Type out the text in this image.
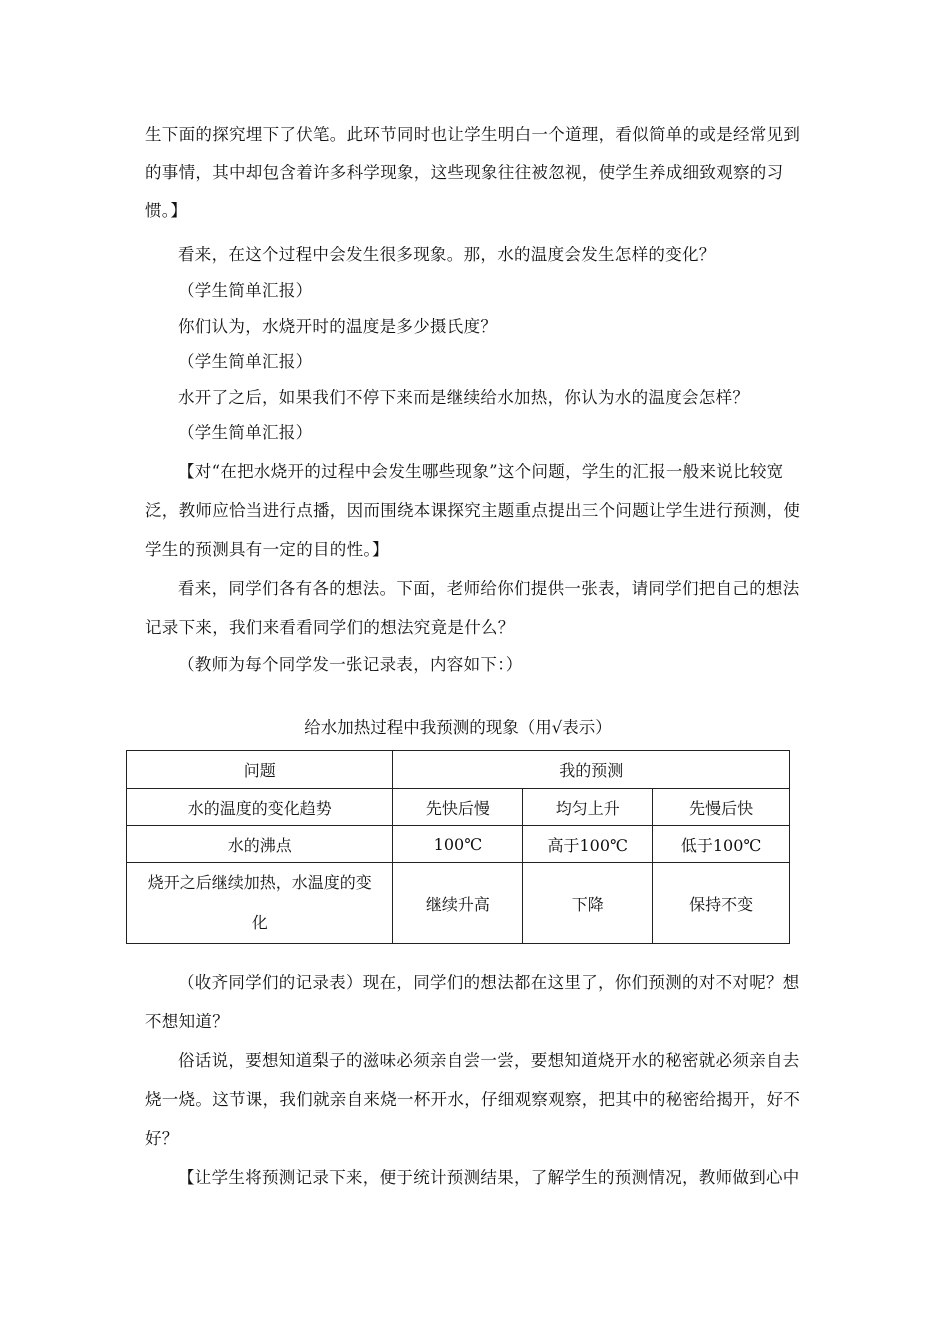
生下面的探究埋下了伏笔。此环节同时也让学生明白一个道理，看似简单的或是经常见到
的事情，其中却包含着许多科学现象，这些现象往往被忽视，使学生养成细致观察的习
惯。】
看来，在这个过程中会发生很多现象。那，水的温度会发生怎样的变化？
（学生简单汇报）
你们认为，水烧开时的温度是多少摄氏度？
（学生简单汇报）
水开了之后，如果我们不停下来而是继续给水加热，你认为水的温度会怎样？
（学生简单汇报）
【对“在把水烧开的过程中会发生哪些现象”这个问题，学生的汇报一般来说比较宽
泛，教师应恰当进行点播，因而围绕本课探究主题重点提出三个问题让学生进行预测，使
学生的预测具有一定的目的性。】
看来，同学们各有各的想法。下面，老师给你们提供一张表，请同学们把自己的想法
记录下来，我们来看看同学们的想法究竟是什么？
（教师为每个同学发一张记录表，内容如下：）
给水加热过程中我预测的现象（用√表示）
问题	我的预测		
水的温度的变化趋势	先快后慢	均匀上升	先慢后快
水的沸点	100℃	高于100℃	低于100℃

烧开之后继续加热，水温度的变
化	继续升高	下降	保持不变
（收齐同学们的记录表）现在，同学们的想法都在这里了，你们预测的对不对呢？想
不想知道？
俗话说，要想知道梨子的滋味必须亲自尝一尝，要想知道烧开水的秘密就必须亲自去
烧一烧。这节课，我们就亲自来烧一杯开水，仔细观察观察，把其中的秘密给揭开，好不
好？
【让学生将预测记录下来，便于统计预测结果，了解学生的预测情况，教师做到心中
